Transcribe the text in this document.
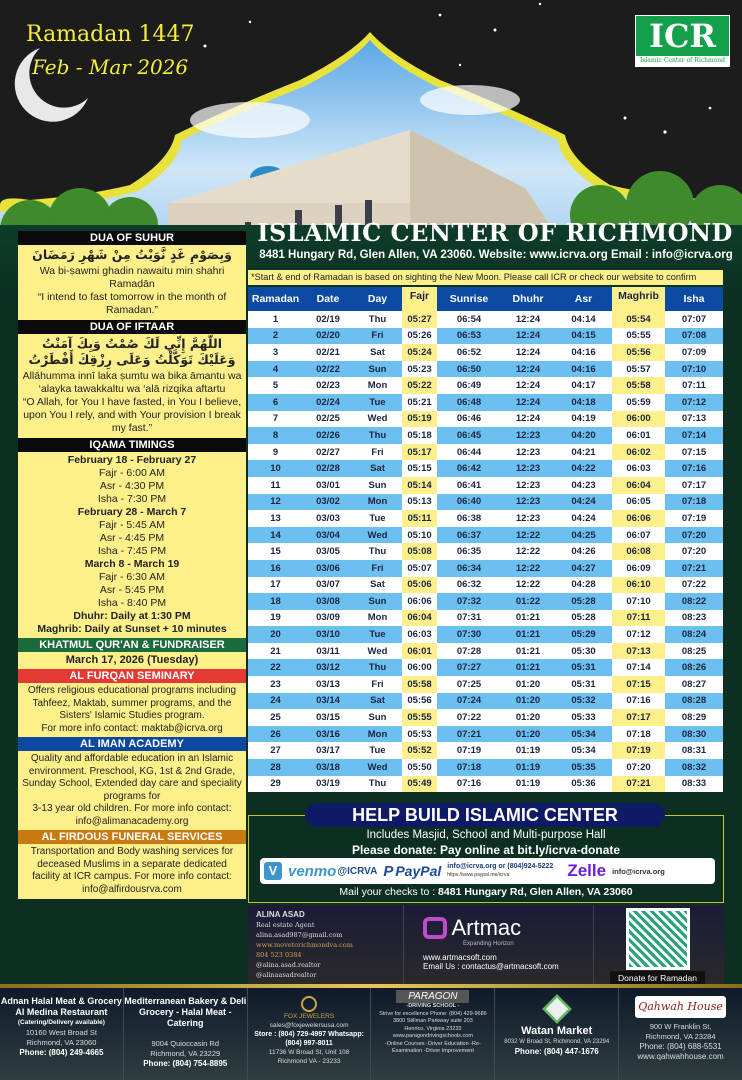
Ramadan 1447
Feb - Mar 2026
ICR
Islamic Center of Richmond
ISLAMIC CENTER OF RICHMOND
8481 Hungary Rd, Glen Allen, VA 23060. Website: www.icrva.org Email : info@icrva.org
*Start & end of Ramadan is based on sighting the New Moon. Please call ICR or check our website to confirm
DUA OF SUHUR
وَبِصَوْمِ غَدٍ نَّوَيْتُ مِنْ شَهْرِ رَمَضَانَ
Wa bi-ṣawmi ghadin nawaitu min shahri Ramaḍān
“I intend to fast tomorrow in the month of Ramadan.”
DUA OF IFTAAR
اللَّهُمَّ إِنِّي لَكَ صُمْتُ وَبِكَ آمَنْتُ وَعَلَيْكَ تَوَكَّلْتُ وَعَلَى رِزْقِكَ أَفْطَرْتُ
Allāhumma innī laka ṣumtu wa bika āmantu wa ‘alayka tawakkaltu wa ‘alā rizqika aftartu
“O Allah, for You I have fasted, in You I believe, upon You I rely, and with Your provision I break my fast.”
IQAMA TIMINGS
February 18 - February 27
Fajr - 6:00 AM
Asr - 4:30 PM
Isha - 7:30 PM
February 28 - March 7
Fajr - 5:45 AM
Asr - 4:45 PM
Isha - 7:45 PM
March 8 - March 19
Fajr - 6:30 AM
Asr - 5:45 PM
Isha - 8:40 PM
Dhuhr: Daily at 1:30 PM
Maghrib: Daily at Sunset + 10 minutes
KHATMUL QUR'AN & FUNDRAISER
March 17, 2026 (Tuesday)
AL FURQAN SEMINARY
Offers religious educational programs including Tahfeez, Maktab, summer programs, and the Sisters' Islamic Studies program.
For more info contact: maktab@icrva.org
AL IMAN ACADEMY
Quality and affordable education in an Islamic environment. Preschool, KG, 1st & 2nd Grade, Sunday School, Extended day care and speciality programs for
3-13 year old children. For more info contact: info@alimanacademy.org
AL FIRDOUS FUNERAL SERVICES
Transportation and Body washing services for deceased Muslims in a separate dedicated facility at ICR campus. For more info contact: info@alfirdousrva.com
Ramadan	Date	Day	Fajr	Sunrise	Dhuhr	Asr	Maghrib	Isha
1	02/19	Thu	05:27	06:54	12:24	04:14	05:54	07:07
2	02/20	Fri	05:26	06:53	12:24	04:15	05:55	07:08
3	02/21	Sat	05:24	06:52	12:24	04:16	05:56	07:09
4	02/22	Sun	05:23	06:50	12:24	04:16	05:57	07:10
5	02/23	Mon	05:22	06:49	12:24	04:17	05:58	07:11
6	02/24	Tue	05:21	06:48	12:24	04:18	05:59	07:12
7	02/25	Wed	05:19	06:46	12:24	04:19	06:00	07:13
8	02/26	Thu	05:18	06:45	12:23	04:20	06:01	07:14
9	02/27	Fri	05:17	06:44	12:23	04:21	06:02	07:15
10	02/28	Sat	05:15	06:42	12:23	04:22	06:03	07:16
11	03/01	Sun	05:14	06:41	12:23	04:23	06:04	07:17
12	03/02	Mon	05:13	06:40	12:23	04:24	06:05	07:18
13	03/03	Tue	05:11	06:38	12:23	04:24	06:06	07:19
14	03/04	Wed	05:10	06:37	12:22	04:25	06:07	07:20
15	03/05	Thu	05:08	06:35	12:22	04:26	06:08	07:20
16	03/06	Fri	05:07	06:34	12:22	04:27	06:09	07:21
17	03/07	Sat	05:06	06:32	12:22	04:28	06:10	07:22
18	03/08	Sun	06:06	07:32	01:22	05:28	07:10	08:22
19	03/09	Mon	06:04	07:31	01:21	05:28	07:11	08:23
20	03/10	Tue	06:03	07:30	01:21	05:29	07:12	08:24
21	03/11	Wed	06:01	07:28	01:21	05:30	07:13	08:25
22	03/12	Thu	06:00	07:27	01:21	05:31	07:14	08:26
23	03/13	Fri	05:58	07:25	01:20	05:31	07:15	08:27
24	03/14	Sat	05:56	07:24	01:20	05:32	07:16	08:28
25	03/15	Sun	05:55	07:22	01:20	05:33	07:17	08:29
26	03/16	Mon	05:53	07:21	01:20	05:34	07:18	08:30
27	03/17	Tue	05:52	07:19	01:19	05:34	07:19	08:31
28	03/18	Wed	05:50	07:18	01:19	05:35	07:20	08:32
29	03/19	Thu	05:49	07:16	01:19	05:36	07:21	08:33
HELP BUILD ISLAMIC CENTER
Includes Masjid, School and Multi-purpose Hall
Please donate: Pay online at bit.ly/icrva-donate
V venmo @ICRVA P PayPal info@icrva.org or (804)924-5222
https://www.paypal.me/icrva	Zelle info@icrva.org
Mail your checks to : 8481 Hungary Rd, Glen Allen, VA 23060
ALINA ASAD
Real estate Agent
alina.asad987@gmail.com
www.movetorichmondva.com
804 523 0384
@alina.asad.realtor
@alinaasadrealtor
Artmac
Expanding Horizon
www.artmacsoft.com
Email Us : contactus@artmacsoft.com
Donate for Ramadan
Adnan Halal Meat & Grocery
Al Medina Restaurant
(Catering/Delivery available)
10160 West Broad St
Richmond, VA 23060
Phone: (804) 249-4665
Mediterranean Bakery & Deli
Grocery - Halal Meat - Catering
9004 Quioccasin Rd
Richmond, VA 23229
Phone: (804) 754-8895
FOX JEWELERS
sales@foxjewelersusa.com
Store : (804) 729-4997 Whatsapp: (804) 997-8011
11736 W Broad St, Unit 108
Richmond VA - 23233
PARAGON
-DRIVING SCHOOL -
Strive for excellence Phone: (804) 429-9686
3800 Stillman Parkway suite 203
Henrico, Virginia 23233
www.paragondrivingschools.com
-Online Courses -Driver Education -Re-Examination -Driver Improvement
Watan Market
8032 W Broad St, Richmond, VA 23294
Phone: (804) 447-1676
Qahwah House
900 W Franklin St,
Richmond, VA 23284
Phone: (804) 688-5531
www.qahwahhouse.com
